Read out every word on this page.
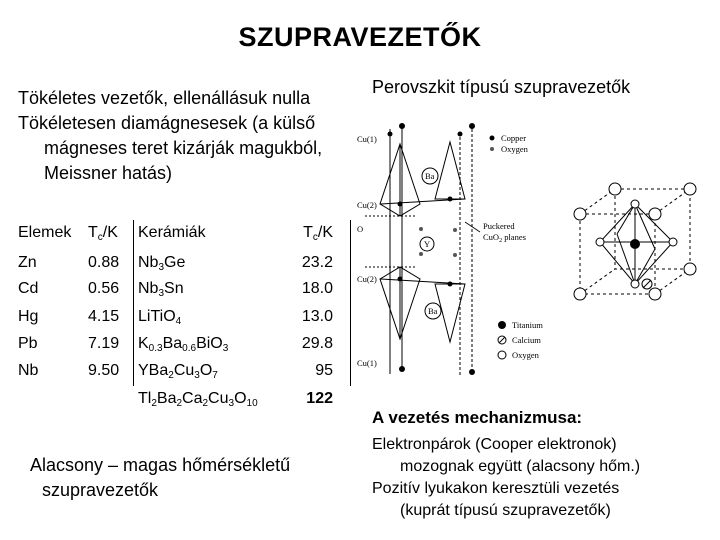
SZUPRAVEZETŐK
Tökéletes vezetők, ellenállásuk nulla
Tökéletesen diamágnesesek (a külső
mágneses teret kizárják magukból,
Meissner hatás)
Perovszkit típusú szupravezetők
Elemek $T_c/K$ Kerámiák	$T_c/K$
Zn	0.88 $Nb_3Ge$	23.2
Cd	0.56 $Nb_3Sn$	18.0
Hg	4.15 LiTiO$_4$	13.0
Pb	7.19 $K_{0.3}Ba_{0.6}BiO_3$	29.8
Nb	9.50 $YBa_2Cu_3O_7$	95
$Tl_2Ba_2Ca_2Cu_3O_{10}$	122
Alacsony – magas hőmérsékletű
szupravezetők
A vezetés mechanizmusa:
Elektronpárok (Cooper elektronok)
mozognak együtt (alacsony hőm.)
Pozitív lyukakon keresztüli vezetés
(kuprát típusú szupravezetők)
Cu(1)
Cu(2)
O
Cu(2)
Cu(1)
Ba
Y
Ba
Copper
Oxygen
Puckered
CuO$_2$ planes
Titanium
Calcium
Oxygen
